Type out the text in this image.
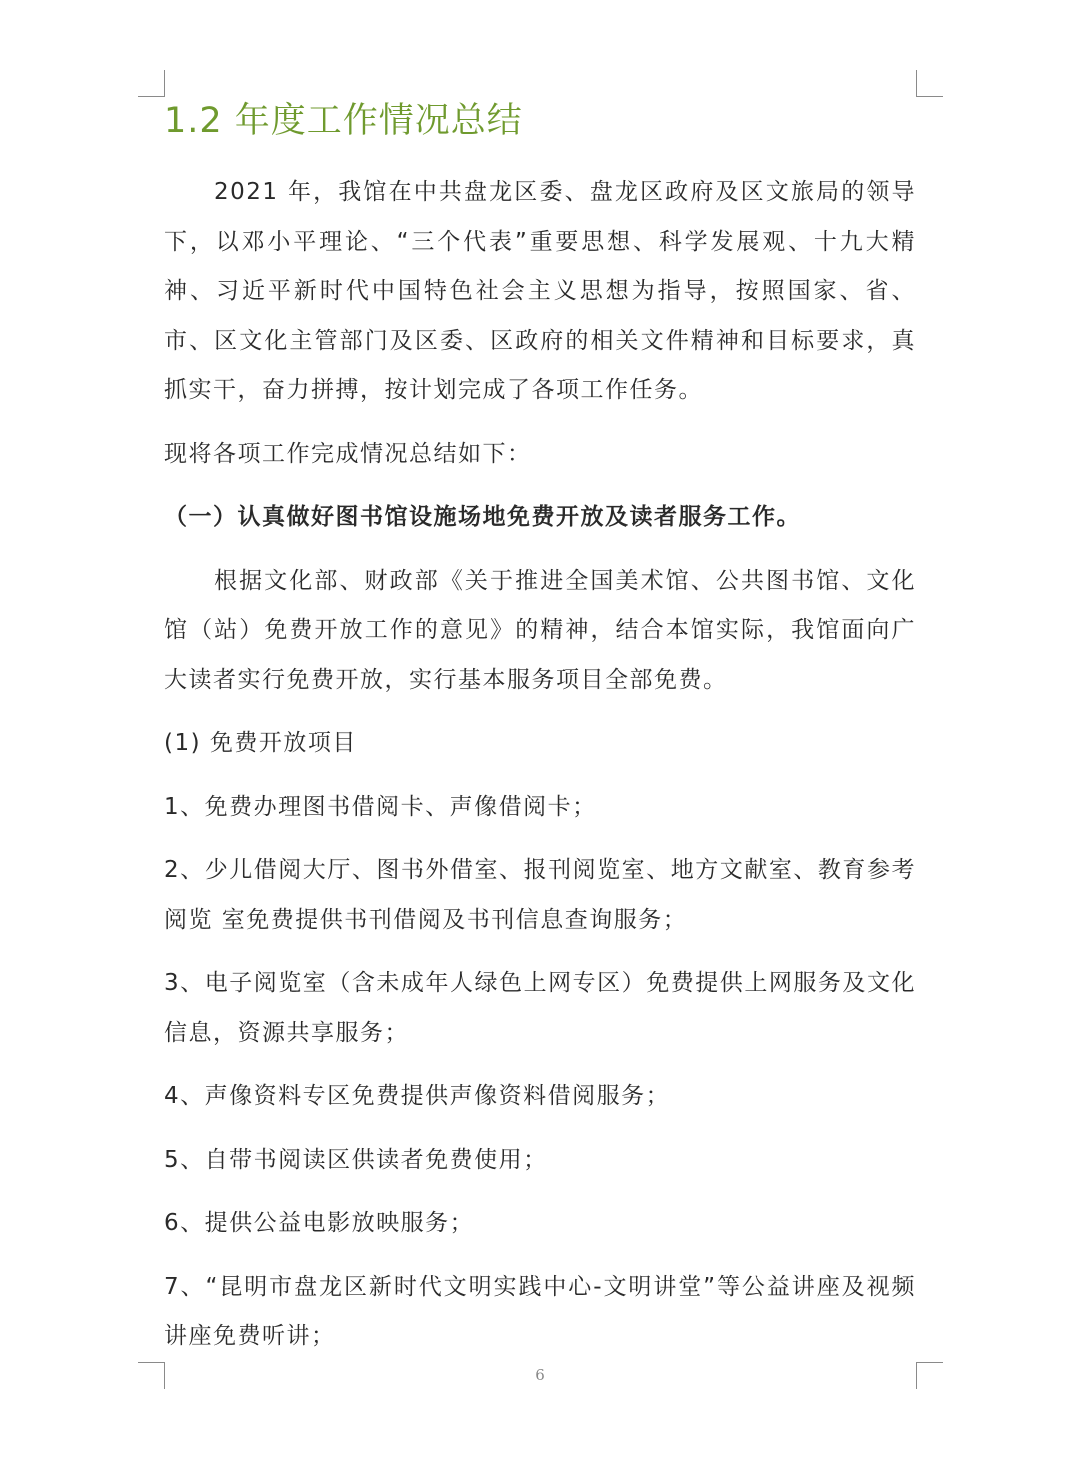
1.2 年度工作情况总结

2021 年，我馆在中共盘龙区委、盘龙区政府及区文旅局的领导下，以邓小平理论、“三个代表”重要思想、科学发展观、十九大精神、习近平新时代中国特色社会主义思想为指导，按照国家、省、市、区文化主管部门及区委、区政府的相关文件精神和目标要求，真抓实干，奋力拼搏，按计划完成了各项工作任务。

现将各项工作完成情况总结如下：

（一）认真做好图书馆设施场地免费开放及读者服务工作。

根据文化部、财政部《关于推进全国美术馆、公共图书馆、文化馆（站）免费开放工作的意见》的精神，结合本馆实际，我馆面向广大读者实行免费开放，实行基本服务项目全部免费。

(1) 免费开放项目

1、免费办理图书借阅卡、声像借阅卡；

2、少儿借阅大厅、图书外借室、报刊阅览室、地方文献室、教育参考阅览 室免费提供书刊借阅及书刊信息查询服务；

3、电子阅览室（含未成年人绿色上网专区）免费提供上网服务及文化信息，资源共享服务；

4、声像资料专区免费提供声像资料借阅服务；

5、自带书阅读区供读者免费使用；

6、提供公益电影放映服务；

7、“昆明市盘龙区新时代文明实践中心-文明讲堂”等公益讲座及视频讲座免费听讲；

6
